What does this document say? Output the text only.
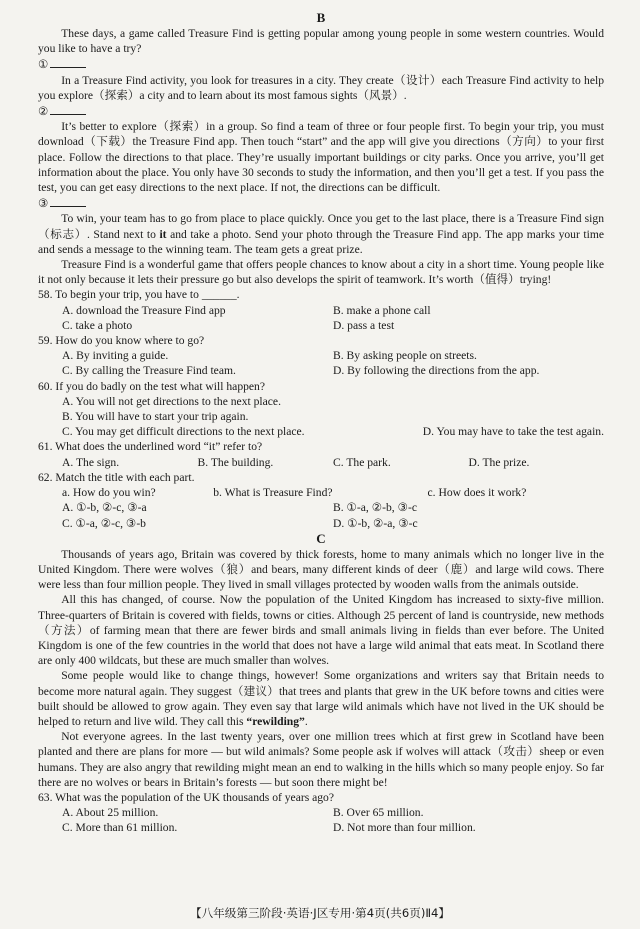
B

These days, a game called Treasure Find is getting popular among young people in some western countries. Would you like to have a try?

①

In a Treasure Find activity, you look for treasures in a city. They create（设计）each Treasure Find activity to help you explore（探索）a city and to learn about its most famous sights（风景）.

②

It’s better to explore（探索）in a group. So find a team of three or four people first. To begin your trip, you must download（下载）the Treasure Find app. Then touch “start” and the app will give you directions（方向）to your first place. Follow the directions to that place. They’re usually important buildings or city parks. Once you arrive, you’ll get information about the place. You only have 30 seconds to study the information, and then you’ll get a test. If you pass the test, you can get easy directions to the next place. If not, the directions can be difficult.

③

To win, your team has to go from place to place quickly. Once you get to the last place, there is a Treasure Find sign（标志）. Stand next to it and take a photo. Send your photo through the Treasure Find app. The app marks your time and sends a message to the winning team. The team gets a great prize.

Treasure Find is a wonderful game that offers people chances to know about a city in a short time. Young people like it not only because it lets their pressure go but also develops the spirit of teamwork. It’s worth（值得）trying!

58. To begin your trip, you have to ______.
A. download the Treasure Find app	B. make a phone call
C. take a photo	D. pass a test
59. How do you know where to go?
A. By inviting a guide.	B. By asking people on streets.
C. By calling the Treasure Find team.	D. By following the directions from the app.
60. If you do badly on the test what will happen?
A. You will not get directions to the next place.
B. You will have to start your trip again.
C. You may get difficult directions to the next place.	D. You may have to take the test again.
61. What does the underlined word “it” refer to?
A. The sign.	B. The building.	C. The park.	D. The prize.
62. Match the title with each part.
a. How do you win?	b. What is Treasure Find?	c. How does it work?
A. ①-b, ②-c, ③-a	B. ①-a, ②-b, ③-c
C. ①-a, ②-c, ③-b	D. ①-b, ②-a, ③-c
C

Thousands of years ago, Britain was covered by thick forests, home to many animals which no longer live in the United Kingdom. There were wolves（狼）and bears, many different kinds of deer（鹿）and large wild cows. There were less than four million people. They lived in small villages protected by wooden walls from the animals outside.

All this has changed, of course. Now the population of the United Kingdom has increased to sixty-five million. Three-quarters of Britain is covered with fields, towns or cities. Although 25 percent of land is countryside, new methods（方法）of farming mean that there are fewer birds and small animals living in fields than ever before. The United Kingdom is one of the few countries in the world that does not have a large wild animal that eats meat. In Scotland there are only 400 wildcats, but these are much smaller than wolves.

Some people would like to change things, however! Some organizations and writers say that Britain needs to become more natural again. They suggest（建议）that trees and plants that grew in the UK before towns and cities were built should be allowed to grow again. They even say that large wild animals which have not lived in the UK should be helped to return and live wild. They call this “rewilding”.

Not everyone agrees. In the last twenty years, over one million trees which at first grew in Scotland have been planted and there are plans for more — but wild animals? Some people ask if wolves will attack（攻击）sheep or even humans. They are also angry that rewilding might mean an end to walking in the hills which so many people enjoy. So far there are no wolves or bears in Britain’s forests — but soon there might be!

63. What was the population of the UK thousands of years ago?
A. About 25 million.	B. Over 65 million.
C. More than 61 million.	D. Not more than four million.
【八年级第三阶段·英语·J区专用·第4页(共6页)Ⅱ4】
